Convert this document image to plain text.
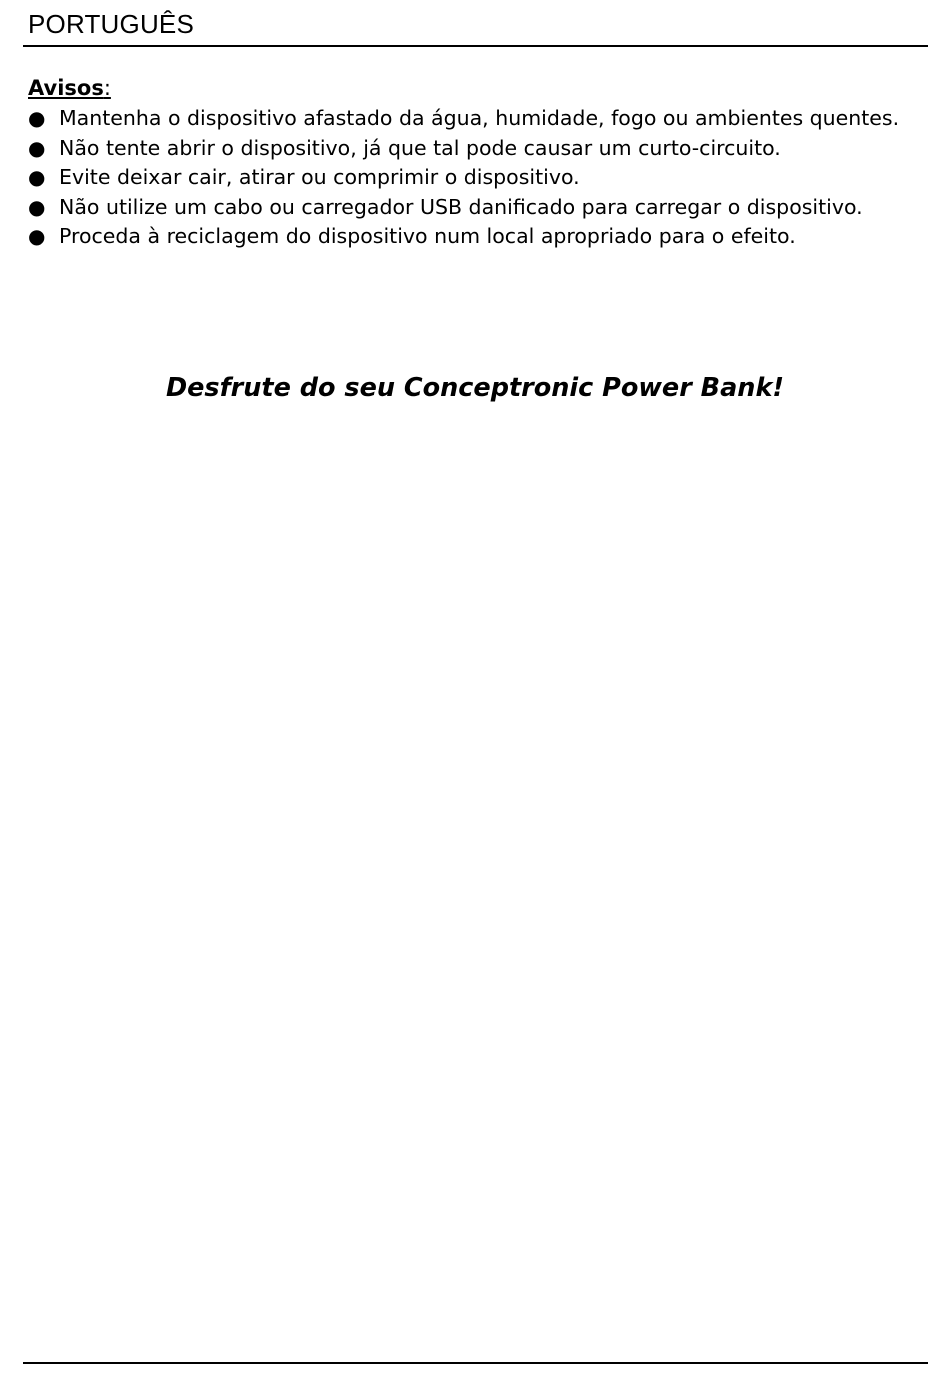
PORTUGUÊS
Avisos:
● Mantenha o dispositivo afastado da água, humidade, fogo ou ambientes quentes.
● Não tente abrir o dispositivo, já que tal pode causar um curto-circuito.
● Evite deixar cair, atirar ou comprimir o dispositivo.
● Não utilize um cabo ou carregador USB danificado para carregar o dispositivo.
● Proceda à reciclagem do dispositivo num local apropriado para o efeito.
Desfrute do seu Conceptronic Power Bank!
